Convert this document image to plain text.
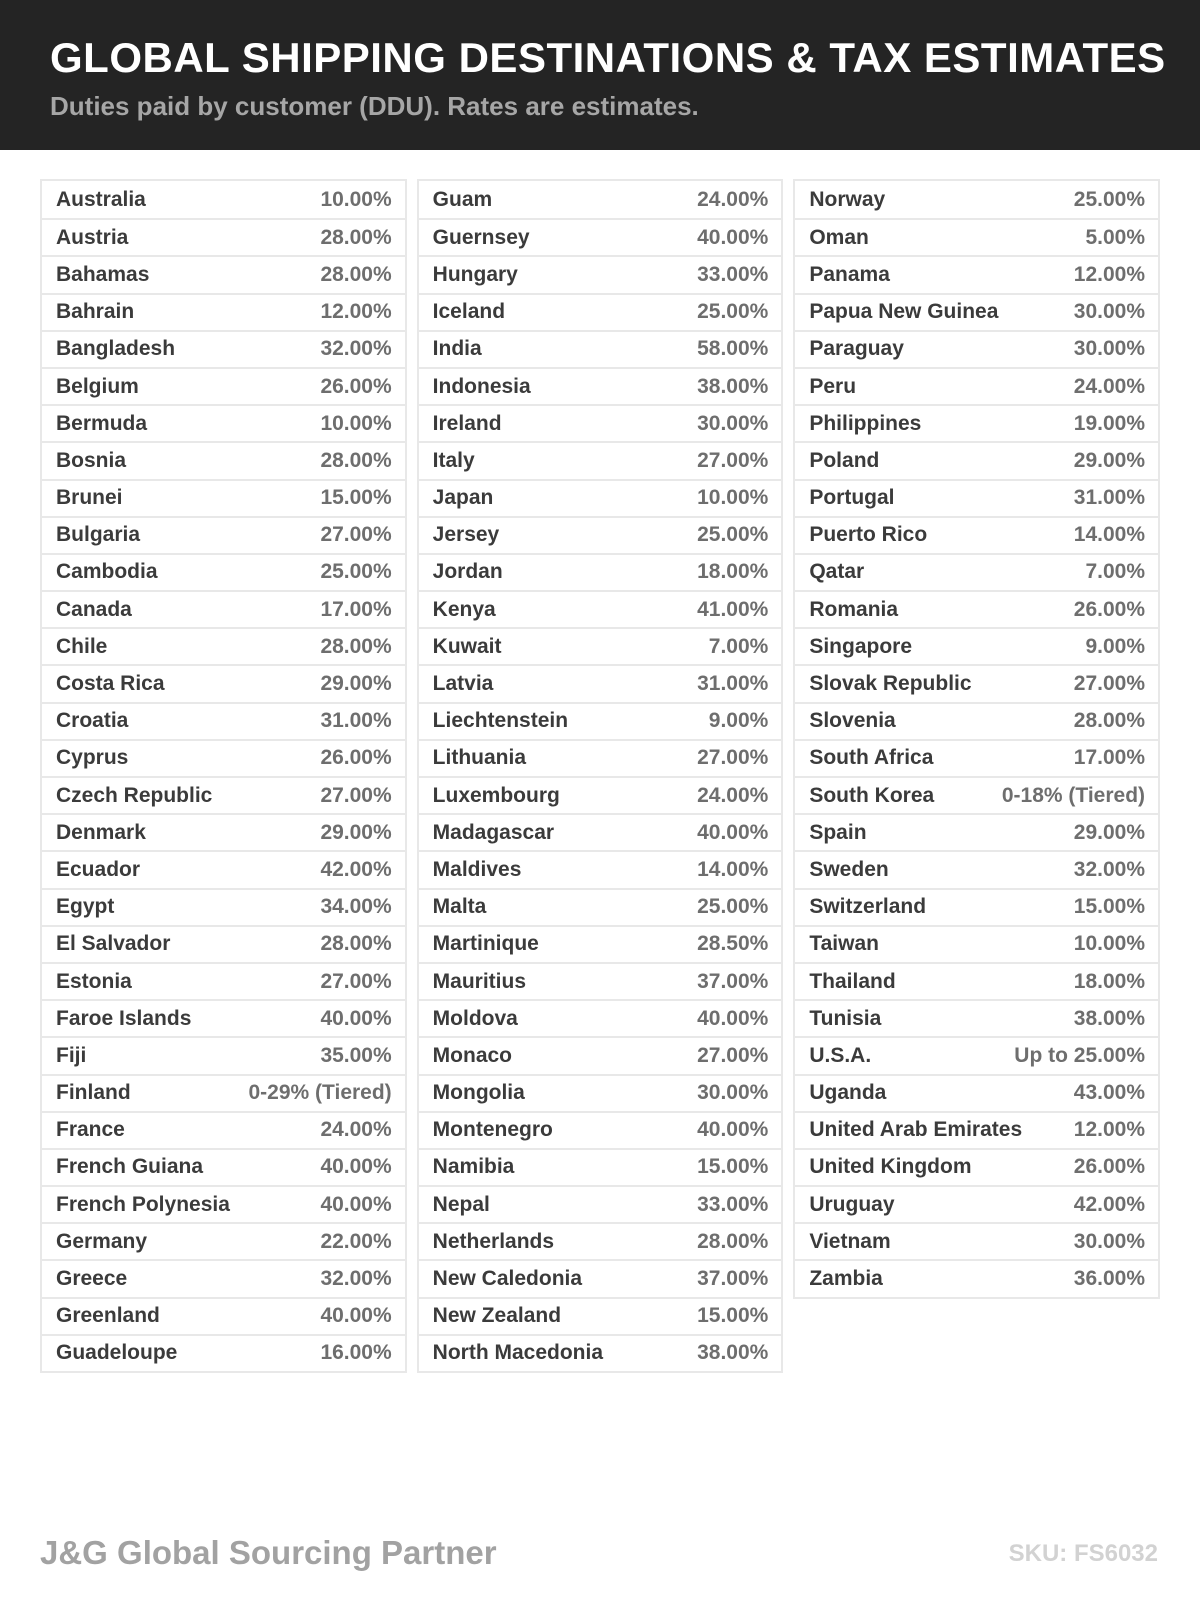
GLOBAL SHIPPING DESTINATIONS & TAX ESTIMATES

Duties paid by customer (DDU). Rates are estimates.

Australia	10.00%
Austria	28.00%
Bahamas	28.00%
Bahrain	12.00%
Bangladesh	32.00%
Belgium	26.00%
Bermuda	10.00%
Bosnia	28.00%
Brunei	15.00%
Bulgaria	27.00%
Cambodia	25.00%
Canada	17.00%
Chile	28.00%
Costa Rica	29.00%
Croatia	31.00%
Cyprus	26.00%
Czech Republic	27.00%
Denmark	29.00%
Ecuador	42.00%
Egypt	34.00%
El Salvador	28.00%
Estonia	27.00%
Faroe Islands	40.00%
Fiji	35.00%
Finland	0-29% (Tiered)
France	24.00%
French Guiana	40.00%
French Polynesia	40.00%
Germany	22.00%
Greece	32.00%
Greenland	40.00%
Guadeloupe	16.00%
Guam	24.00%
Guernsey	40.00%
Hungary	33.00%
Iceland	25.00%
India	58.00%
Indonesia	38.00%
Ireland	30.00%
Italy	27.00%
Japan	10.00%
Jersey	25.00%
Jordan	18.00%
Kenya	41.00%
Kuwait	7.00%
Latvia	31.00%
Liechtenstein	9.00%
Lithuania	27.00%
Luxembourg	24.00%
Madagascar	40.00%
Maldives	14.00%
Malta	25.00%
Martinique	28.50%
Mauritius	37.00%
Moldova	40.00%
Monaco	27.00%
Mongolia	30.00%
Montenegro	40.00%
Namibia	15.00%
Nepal	33.00%
Netherlands	28.00%
New Caledonia	37.00%
New Zealand	15.00%
North Macedonia	38.00%
Norway	25.00%
Oman	5.00%
Panama	12.00%
Papua New Guinea	30.00%
Paraguay	30.00%
Peru	24.00%
Philippines	19.00%
Poland	29.00%
Portugal	31.00%
Puerto Rico	14.00%
Qatar	7.00%
Romania	26.00%
Singapore	9.00%
Slovak Republic	27.00%
Slovenia	28.00%
South Africa	17.00%
South Korea	0-18% (Tiered)
Spain	29.00%
Sweden	32.00%
Switzerland	15.00%
Taiwan	10.00%
Thailand	18.00%
Tunisia	38.00%
U.S.A.	Up to 25.00%
Uganda	43.00%
United Arab Emirates 12.00%
United Kingdom	26.00%
Uruguay	42.00%
Vietnam	30.00%
Zambia	36.00%
J&G Global Sourcing Partner	SKU: FS6032
